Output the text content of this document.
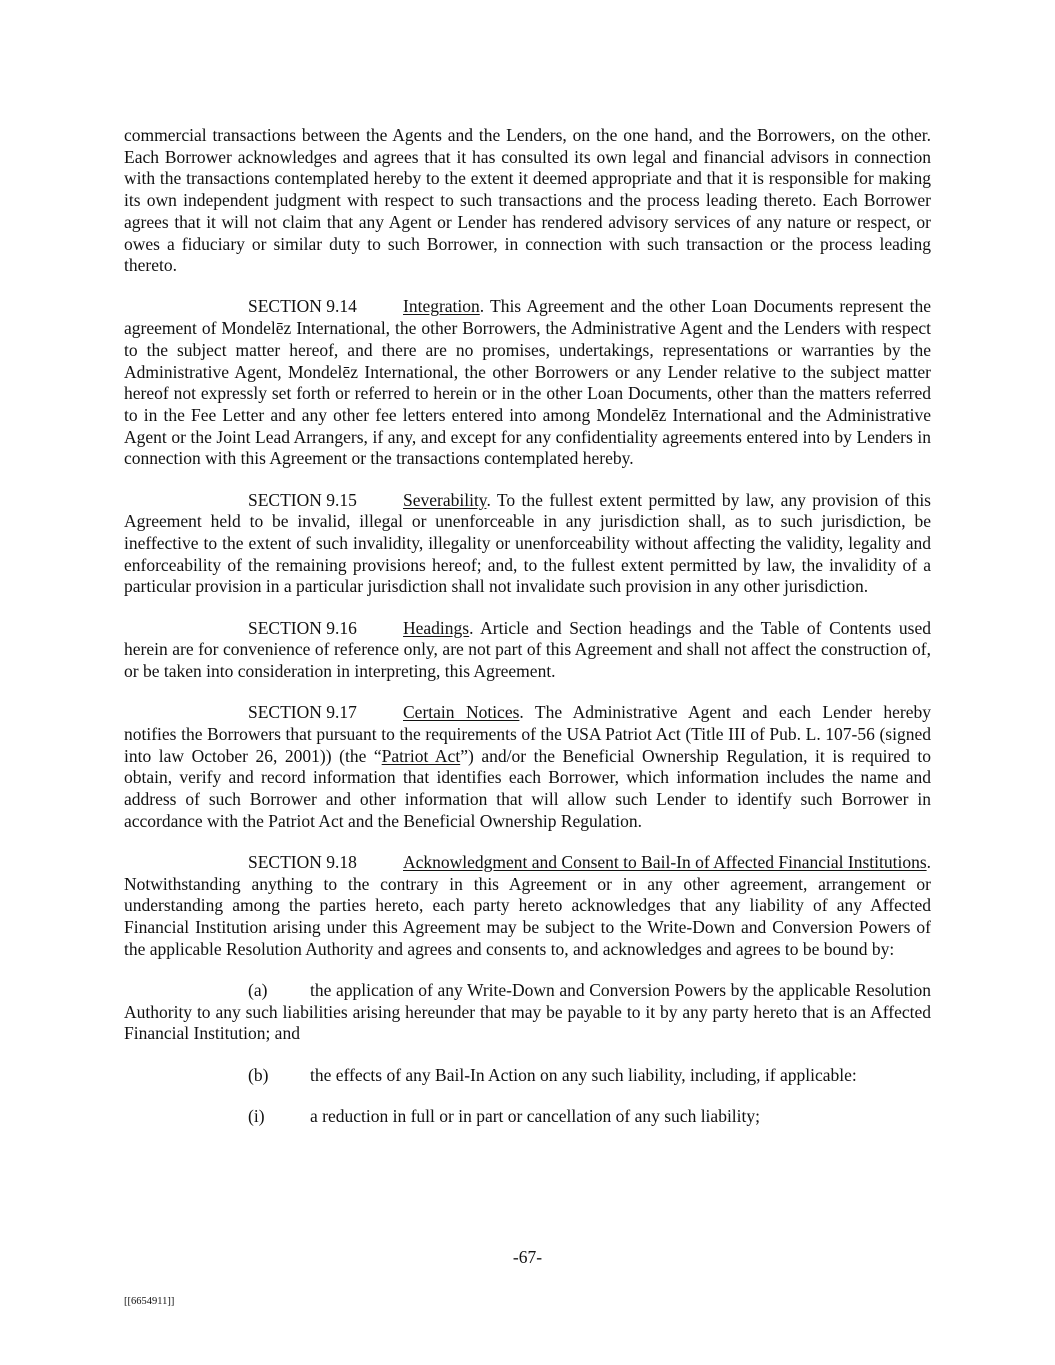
commercial transactions between the Agents and the Lenders, on the one hand, and the Borrowers, on the other. Each Borrower acknowledges and agrees that it has consulted its own legal and financial advisors in connection with the transactions contemplated hereby to the extent it deemed appropriate and that it is responsible for making its own independent judgment with respect to such transactions and the process leading thereto. Each Borrower agrees that it will not claim that any Agent or Lender has rendered advisory services of any nature or respect, or owes a fiduciary or similar duty to such Borrower, in connection with such transaction or the process leading thereto.

SECTION 9.14	Integration. This Agreement and the other Loan Documents represent the agreement of Mondelēz International, the other Borrowers, the Administrative Agent and the Lenders with respect to the subject matter hereof, and there are no promises, undertakings, representations or warranties by the Administrative Agent, Mondelēz International, the other Borrowers or any Lender relative to the subject matter hereof not expressly set forth or referred to herein or in the other Loan Documents, other than the matters referred to in the Fee Letter and any other fee letters entered into among Mondelēz International and the Administrative Agent or the Joint Lead Arrangers, if any, and except for any confidentiality agreements entered into by Lenders in connection with this Agreement or the transactions contemplated hereby.

SECTION 9.15	Severability. To the fullest extent permitted by law, any provision of this Agreement held to be invalid, illegal or unenforceable in any jurisdiction shall, as to such jurisdiction, be ineffective to the extent of such invalidity, illegality or unenforceability without affecting the validity, legality and enforceability of the remaining provisions hereof; and, to the fullest extent permitted by law, the invalidity of a particular provision in a particular jurisdiction shall not invalidate such provision in any other jurisdiction.

SECTION 9.16	Headings. Article and Section headings and the Table of Contents used herein are for convenience of reference only, are not part of this Agreement and shall not affect the construction of, or be taken into consideration in interpreting, this Agreement.

SECTION 9.17	Certain Notices. The Administrative Agent and each Lender hereby notifies the Borrowers that pursuant to the requirements of the USA Patriot Act (Title III of Pub. L. 107-56 (signed into law October 26, 2001)) (the “Patriot Act”) and/or the Beneficial Ownership Regulation, it is required to obtain, verify and record information that identifies each Borrower, which information includes the name and address of such Borrower and other information that will allow such Lender to identify such Borrower in accordance with the Patriot Act and the Beneficial Ownership Regulation.

SECTION 9.18	Acknowledgment and Consent to Bail-In of Affected Financial Institutions. Notwithstanding anything to the contrary in this Agreement or in any other agreement, arrangement or understanding among the parties hereto, each party hereto acknowledges that any liability of any Affected Financial Institution arising under this Agreement may be subject to the Write-Down and Conversion Powers of the applicable Resolution Authority and agrees and consents to, and acknowledges and agrees to be bound by:

(a) the application of any Write-Down and Conversion Powers by the applicable Resolution Authority to any such liabilities arising hereunder that may be payable to it by any party hereto that is an Affected Financial Institution; and

(b) the effects of any Bail-In Action on any such liability, including, if applicable:

(i)	a reduction in full or in part or cancellation of any such liability;

-67-
[[6654911]]
